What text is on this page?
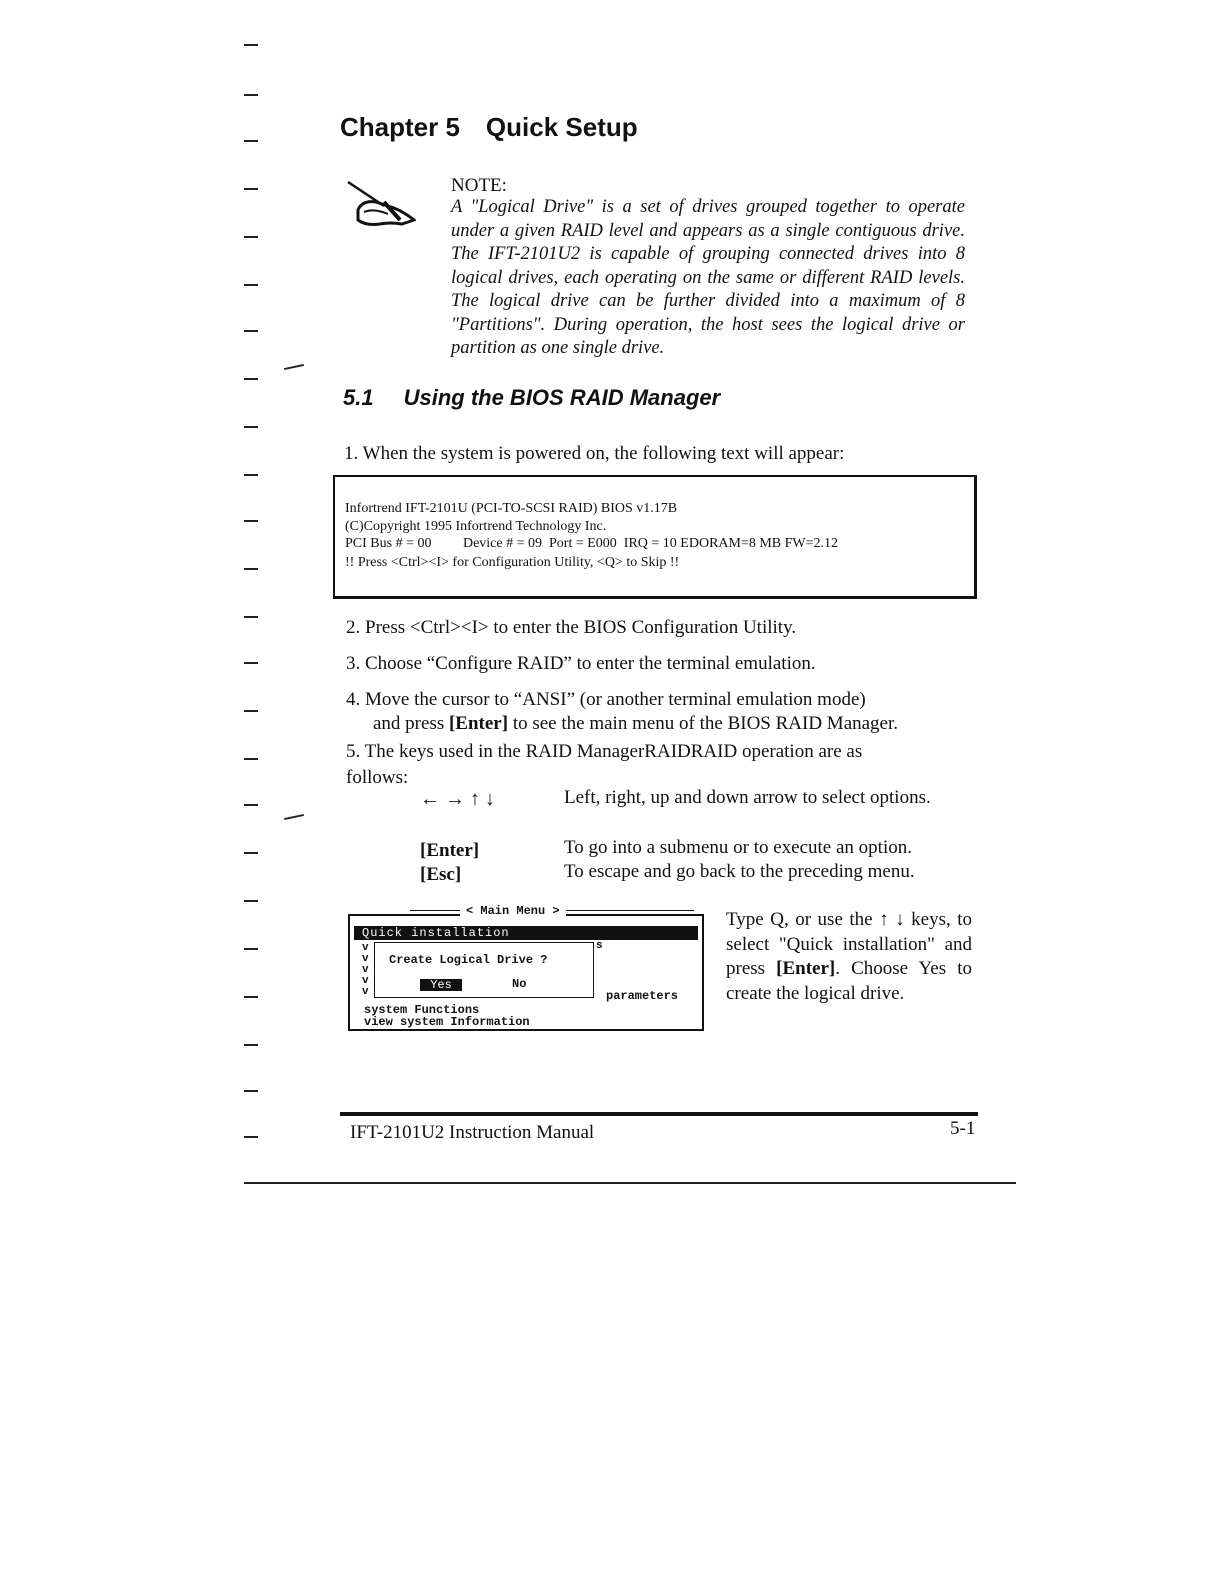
Chapter 5 Quick Setup
NOTE:
A "Logical Drive" is a set of drives grouped together to operate under a given RAID level and appears as a single contiguous drive. The IFT-2101U2 is capable of grouping connected drives into 8 logical drives, each operating on the same or different RAID levels. The logical drive can be further divided into a maximum of 8 "Partitions". During operation, the host sees the logical drive or partition as one single drive.
5.1 Using the BIOS RAID Manager
1. When the system is powered on, the following text will appear:
Infortrend IFT-2101U (PCI-TO-SCSI RAID) BIOS v1.17B
(C)Copyright 1995 Infortrend Technology Inc.
PCI Bus # = 00         Device # = 09  Port = E000  IRQ = 10 EDORAM=8 MB FW=2.12
!! Press <Ctrl><I> for Configuration Utility, <Q> to Skip !!
2. Press <Ctrl><I> to enter the BIOS Configuration Utility.
3. Choose “Configure RAID” to enter the terminal emulation.
4. Move the cursor to “ANSI” (or another terminal emulation mode)
and press [Enter] to see the main menu of the BIOS RAID Manager.
5. The keys used in the RAID ManagerRAIDRAID operation are as
follows:
← → ↑ ↓	Left, right, up and down arrow to select options.
[Enter]	To go into a submenu or to execute an option.
[Esc]	To escape and go back to the preceding menu.
< Main Menu >
Quick installation
v
v
v
v
v
Create Logical Drive ?
Yes	No
s
parameters
system Functions
view system Information
Type Q, or use the ↑ ↓ keys, to select "Quick installation" and press [Enter]. Choose Yes to create the logical drive.
IFT-2101U2 Instruction Manual	5-1
